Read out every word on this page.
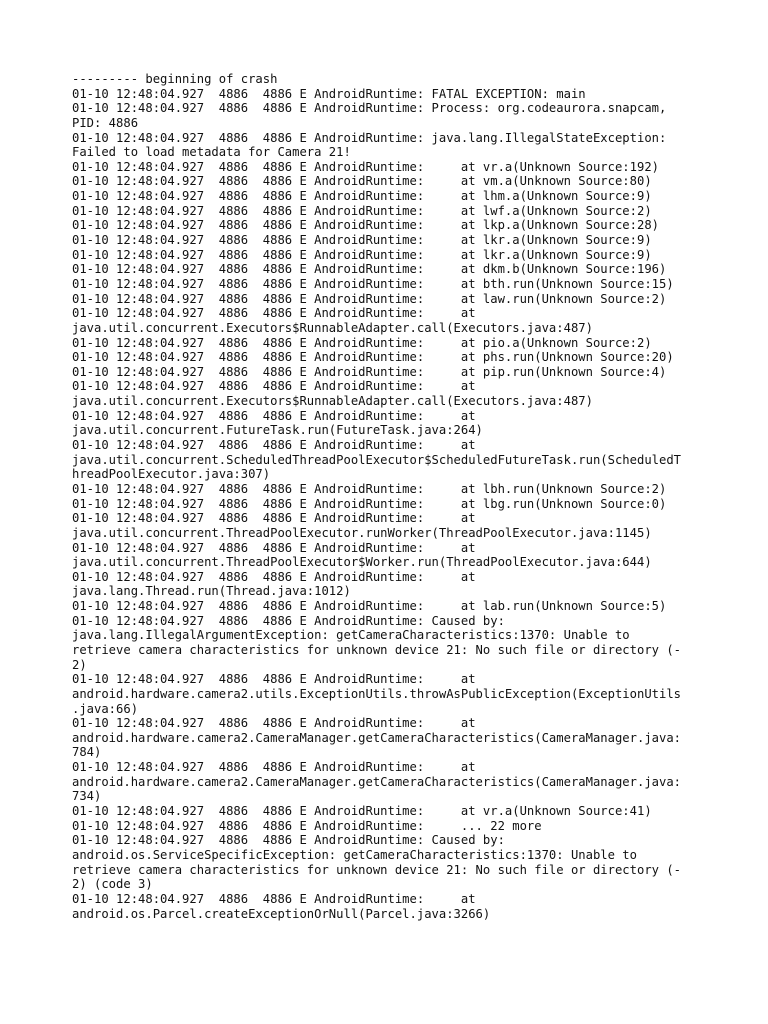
--------- beginning of crash
01-10 12:48:04.927  4886  4886 E AndroidRuntime: FATAL EXCEPTION: main
01-10 12:48:04.927  4886  4886 E AndroidRuntime: Process: org.codeaurora.snapcam,
PID: 4886
01-10 12:48:04.927  4886  4886 E AndroidRuntime: java.lang.IllegalStateException:
Failed to load metadata for Camera 21!
01-10 12:48:04.927  4886  4886 E AndroidRuntime:     at vr.a(Unknown Source:192)
01-10 12:48:04.927  4886  4886 E AndroidRuntime:     at vm.a(Unknown Source:80)
01-10 12:48:04.927  4886  4886 E AndroidRuntime:     at lhm.a(Unknown Source:9)
01-10 12:48:04.927  4886  4886 E AndroidRuntime:     at lwf.a(Unknown Source:2)
01-10 12:48:04.927  4886  4886 E AndroidRuntime:     at lkp.a(Unknown Source:28)
01-10 12:48:04.927  4886  4886 E AndroidRuntime:     at lkr.a(Unknown Source:9)
01-10 12:48:04.927  4886  4886 E AndroidRuntime:     at lkr.a(Unknown Source:9)
01-10 12:48:04.927  4886  4886 E AndroidRuntime:     at dkm.b(Unknown Source:196)
01-10 12:48:04.927  4886  4886 E AndroidRuntime:     at bth.run(Unknown Source:15)
01-10 12:48:04.927  4886  4886 E AndroidRuntime:     at law.run(Unknown Source:2)
01-10 12:48:04.927  4886  4886 E AndroidRuntime:     at
java.util.concurrent.Executors$RunnableAdapter.call(Executors.java:487)
01-10 12:48:04.927  4886  4886 E AndroidRuntime:     at pio.a(Unknown Source:2)
01-10 12:48:04.927  4886  4886 E AndroidRuntime:     at phs.run(Unknown Source:20)
01-10 12:48:04.927  4886  4886 E AndroidRuntime:     at pip.run(Unknown Source:4)
01-10 12:48:04.927  4886  4886 E AndroidRuntime:     at
java.util.concurrent.Executors$RunnableAdapter.call(Executors.java:487)
01-10 12:48:04.927  4886  4886 E AndroidRuntime:     at
java.util.concurrent.FutureTask.run(FutureTask.java:264)
01-10 12:48:04.927  4886  4886 E AndroidRuntime:     at
java.util.concurrent.ScheduledThreadPoolExecutor$ScheduledFutureTask.run(ScheduledT
hreadPoolExecutor.java:307)
01-10 12:48:04.927  4886  4886 E AndroidRuntime:     at lbh.run(Unknown Source:2)
01-10 12:48:04.927  4886  4886 E AndroidRuntime:     at lbg.run(Unknown Source:0)
01-10 12:48:04.927  4886  4886 E AndroidRuntime:     at
java.util.concurrent.ThreadPoolExecutor.runWorker(ThreadPoolExecutor.java:1145)
01-10 12:48:04.927  4886  4886 E AndroidRuntime:     at
java.util.concurrent.ThreadPoolExecutor$Worker.run(ThreadPoolExecutor.java:644)
01-10 12:48:04.927  4886  4886 E AndroidRuntime:     at
java.lang.Thread.run(Thread.java:1012)
01-10 12:48:04.927  4886  4886 E AndroidRuntime:     at lab.run(Unknown Source:5)
01-10 12:48:04.927  4886  4886 E AndroidRuntime: Caused by:
java.lang.IllegalArgumentException: getCameraCharacteristics:1370: Unable to
retrieve camera characteristics for unknown device 21: No such file or directory (-
2)
01-10 12:48:04.927  4886  4886 E AndroidRuntime:     at
android.hardware.camera2.utils.ExceptionUtils.throwAsPublicException(ExceptionUtils
.java:66)
01-10 12:48:04.927  4886  4886 E AndroidRuntime:     at
android.hardware.camera2.CameraManager.getCameraCharacteristics(CameraManager.java:
784)
01-10 12:48:04.927  4886  4886 E AndroidRuntime:     at
android.hardware.camera2.CameraManager.getCameraCharacteristics(CameraManager.java:
734)
01-10 12:48:04.927  4886  4886 E AndroidRuntime:     at vr.a(Unknown Source:41)
01-10 12:48:04.927  4886  4886 E AndroidRuntime:     ... 22 more
01-10 12:48:04.927  4886  4886 E AndroidRuntime: Caused by:
android.os.ServiceSpecificException: getCameraCharacteristics:1370: Unable to
retrieve camera characteristics for unknown device 21: No such file or directory (-
2) (code 3)
01-10 12:48:04.927  4886  4886 E AndroidRuntime:     at
android.os.Parcel.createExceptionOrNull(Parcel.java:3266)
